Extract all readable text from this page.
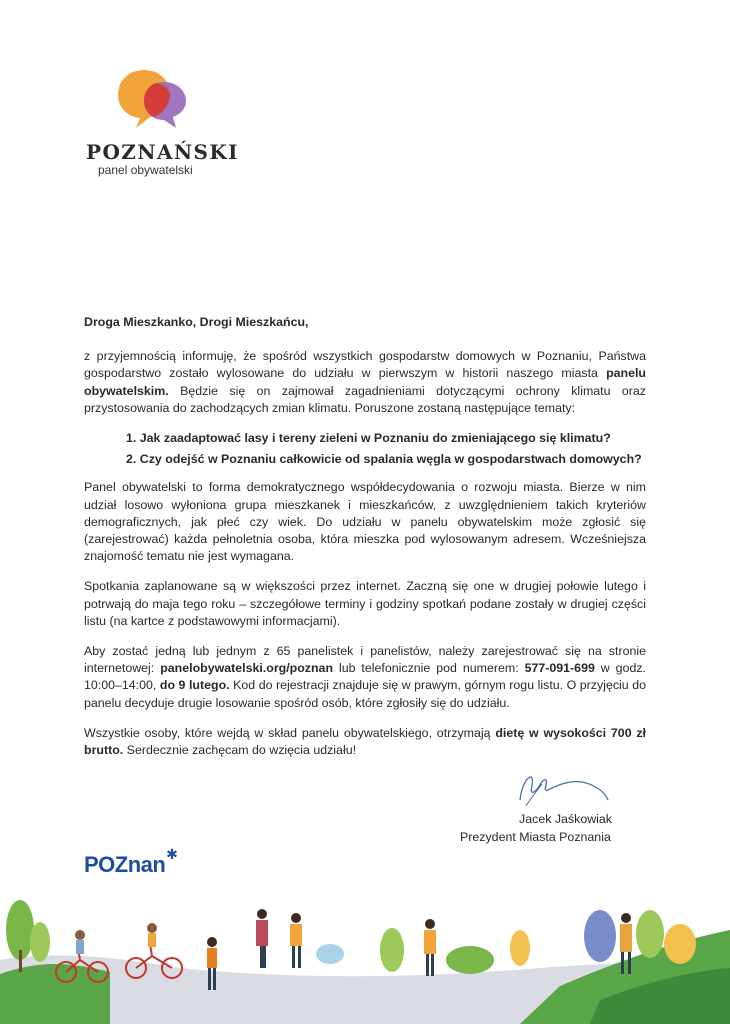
POZNAŃSKI
panel obywatelski
Droga Mieszkanko, Drogi Mieszkańcu,

z przyjemnością informuję, że spośród wszystkich gospodarstw domowych w Poznaniu, Państwa gospodarstwo zostało wylosowane do udziału w pierwszym w historii naszego miasta panelu obywatelskim. Będzie się on zajmował zagadnieniami dotyczącymi ochrony klimatu oraz przystosowania do zachodzących zmian klimatu. Poruszone zostaną następujące tematy:

1. Jak zaadaptować lasy i tereny zieleni w Poznaniu do zmieniającego się klimatu?
2. Czy odejść w Poznaniu całkowicie od spalania węgla w gospodarstwach domowych?

Panel obywatelski to forma demokratycznego współdecydowania o rozwoju miasta. Bierze w nim udział losowo wyłoniona grupa mieszkanek i mieszkańców, z uwzględnieniem takich kryteriów demograficznych, jak płeć czy wiek. Do udziału w panelu obywatelskim może zgłosić się (zarejestrować) każda pełnoletnia osoba, która mieszka pod wylosowanym adresem. Wcześniejsza znajomość tematu nie jest wymagana.

Spotkania zaplanowane są w większości przez internet. Zaczną się one w drugiej połowie lutego i potrwają do maja tego roku – szczegółowe terminy i godziny spotkań podane zostały w drugiej części listu (na kartce z podstawowymi informacjami).

Aby zostać jedną lub jednym z 65 panelistek i panelistów, należy zarejestrować się na stronie internetowej: panelobywatelski.org/poznan lub telefonicznie pod numerem: 577-091-699 w godz. 10:00–14:00, do 9 lutego. Kod do rejestracji znajduje się w prawym, górnym rogu listu. O przyjęciu do panelu decyduje drugie losowanie spośród osób, które zgłosiły się do udziału.

Wszystkie osoby, które wejdą w skład panelu obywatelskiego, otrzymają dietę w wysokości 700 zł brutto. Serdecznie zachęcam do wzięcia udziału!

Jacek Jaśkowiak
Prezydent Miasta Poznania
POZnan ✱
